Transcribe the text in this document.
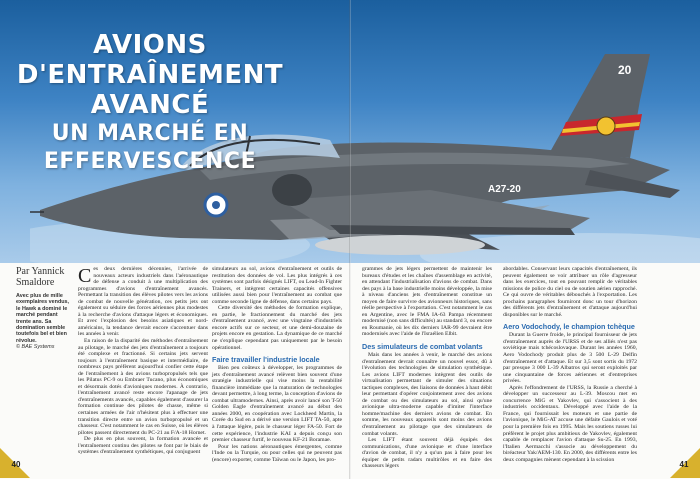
20
A27-20
AVIONS D'ENTRAÎNEMENT
AVANCÉ
UN MARCHÉ EN EFFERVESCENCE
Par Yannick Smaldore
Avec plus de mille exemplaires vendus, le Hawk a dominé le marché pendant trente ans. Sa domination semble toutefois bel et bien révolue.
© BAE Systems

Ces deux dernières décennies, l'arrivée de nouveaux acteurs industriels dans l'aéronautique de défense a conduit à une multiplication des programmes d'avions d'entraînement avancés. Permettant la transition des élèves pilotes vers les avions de combat de nouvelle génération, ces petits jets ont également su séduire des forces aériennes plus modestes à la recherche d'avions d'attaque légers et économiques. Et avec l'explosion des besoins asiatiques et nord-américains, la tendance devrait encore s'accentuer dans les années à venir.

En raison de la disparité des méthodes d'entraînement au pilotage, le marché des jets d'entraînement a toujours été complexe et fractionné. Si certains jets servent toujours à l'entraînement basique et intermédiaire, de nombreux pays préfèrent aujourd'hui confier cette étape de l'entraînement à des avions turbopropulsés tels que les Pilatus PC-9 ou Embraer Tucano, plus économiques et désormais dotés d'avioniques modernes. À contrario, l'entraînement avancé reste encore l'apanage de jets d'entraînements avancés, capables également d'assurer la formation continue des pilotes de chasse, même si certaines armées de l'air n'hésitent plus à effectuer une transition directe entre un avion turbopropulsé et un chasseur. C'est notamment le cas en Suisse, où les élèves pilotes passent directement du PC-21 au F/A-18 Hornet.

De plus en plus souvent, la formation avancée et l'entraînement continu des pilotes se font par le biais de systèmes d'entraînement synthétiques, qui conjuguent

simulateurs au sol, avions d'entraînement et outils de restitution des données de vol. Les plus intégrés à ces systèmes sont parfois désignés LIFT, ou Lead-In Fighter Trainers, et intègrent certaines capacités offensives utilisées aussi bien pour l'entraînement au combat que comme seconde ligne de défense, dans certains pays.

Cette diversité des méthodes de formation explique, en partie, le fractionnement du marché des jets d'entraînement avancé, avec une vingtaine d'industriels encore actifs sur ce secteur, et une demi-douzaine de projets encore en gestation. La dynamique de ce marché ne s'explique cependant pas uniquement par le besoin opérationnel.

Faire travailler l'industrie locale

Bien peu coûteux à développer, les programmes de jets d'entraînement avancé relèvent bien souvent d'une stratégie industrielle qui vise moins la rentabilité financière immédiate que la maturation de technologies devant permettre, à long terme, la conception d'avions de combat ultramodernes. Ainsi, après avoir lancé son T-50 Golden Eagle d'entraînement avancé au début des années 2000, en coopération avec Lockheed Martin, la Corée du Sud en a dérivé une version LIFT TA-50, apte à l'attaque légère, puis le chasseur léger FA-50. Fort de cette expérience, l'industrie KAI a depuis conçu son premier chasseur furtif, le nouveau KF-21 Boramae.

Pour les nations aéronautiques émergentes, comme l'Inde ou la Turquie, ou pour celles qui ne peuvent pas (encore) exporter, comme Taïwan ou le Japon, les pro-

grammes de jets légers permettent de maintenir les bureaux d'études et les chaînes d'assemblage en activité, en attendant l'industrialisation d'avions de combat. Dans des pays à la base industrielle moins développée, la mise à niveau d'anciens jets d'entraînement constitue un moyen de faire survivre des avionneurs historiques, sans réelle perspective à l'exportation. C'est notamment le cas en Argentine, avec le FMA IA-63 Pampa récemment modernisé (non sans difficultés) au standard 3, ou encore en Roumanie, où les dix derniers IAR-99 devraient être modernisés avec l'aide de l'Israélien Elbit.

Des simulateurs de combat volants

Mais dans les années à venir, le marché des avions d'entraînement devrait connaître un nouvel essor, dû à l'évolution des technologies de simulation synthétique. Les avions LIFT modernes intègrent des outils de virtualisation permettant de simuler des situations tactiques complexes, des liaisons de données à haut débit leur permettant d'opérer conjointement avec des avions de combat ou des simulateurs au sol, ainsi qu'une avionique ultra-moderne capable d'imiter l'interface homme/machine des derniers avions de combat. En somme, les nouveaux appareils sont moins des avions d'entraînement au pilotage que des simulateurs de combat volants.

Les LIFT étant souvent déjà équipés des communications, d'une avionique et d'une interface d'avion de combat, il n'y a qu'un pas à faire pour les équiper de petits radars multirôles et en faire des chasseurs légers

abordables. Conservant leurs capacités d'entraînement, ils peuvent également se voir attribuer un rôle d'agresseur dans les exercices, tout en pouvant remplir de véritables missions de police du ciel ou de soutien aérien rapproché. Ce qui ouvre de véritables débouchés à l'exportation. Les prochains paragraphes fourniront donc un tour d'horizon des différents jets d'entraînement et d'attaque aujourd'hui disponibles sur le marché.

Aero Vodochody, le champion tchèque

Durant la Guerre froide, le principal fournisseur de jets d'entraînement auprès de l'URSS et de ses alliés n'est pas soviétique mais tchécoslovaque. Durant les années 1960, Aero Vodochody produit plus de 3 500 L-29 Delfin d'entraînement et d'attaque. Et sur 3,5 sont sortis du 1972 par presque 3 000 L-39 Albatros qui seront exploités par une cinquantaine de forces aériennes et d'entreprises privées.

Après l'effondrement de l'URSS, la Russie a cherché à développer un successeur au L-39. Moscou met en concurrence MiG et Yakovlev, qui s'associent à des industriels occidentaux. Développé avec l'aide de la France, qui fournissait les moteurs et une partie de l'avionique, le MiG-AT accuse une défaite Gaulois et voté pour la première fois en 1995. Mais les soutiens russes lui préfèrent le projet plus ambitieux de Yakovlev, également capable de remplacer l'avion d'attaque Su-25. En 1993, l'Italien Aermacchi s'associe au développement du biréacteur Yak/AEM-130. En 2000, des différents entre les deux compagnies mènent cependant à la scission

40	41
